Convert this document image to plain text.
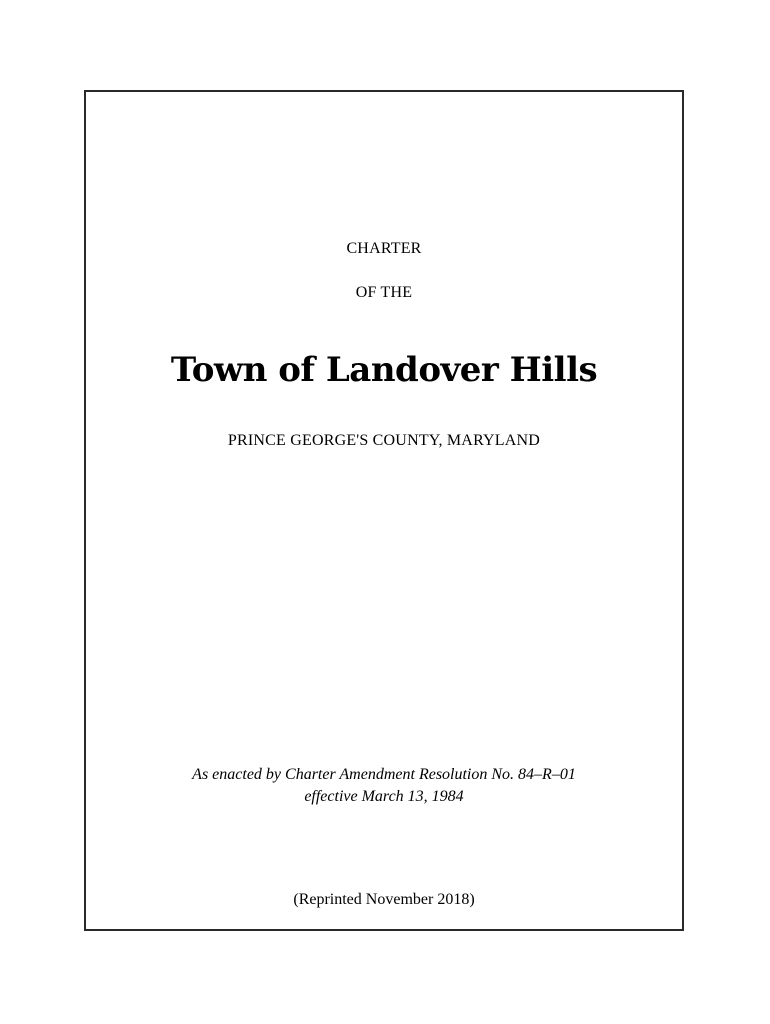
CHARTER
OF THE
Town of Landover Hills
PRINCE GEORGE'S COUNTY, MARYLAND
As enacted by Charter Amendment Resolution No. 84–R–01
effective March 13, 1984
(Reprinted November 2018)
